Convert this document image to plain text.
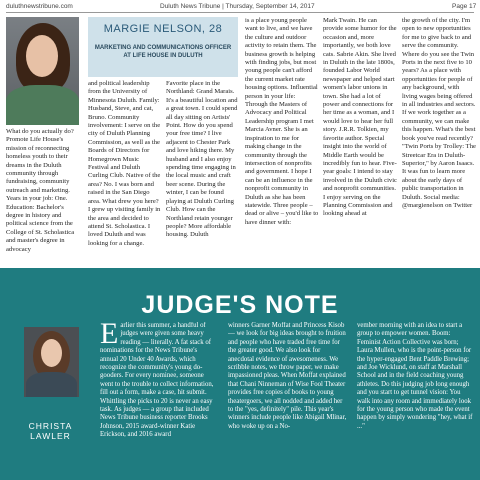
duluthnewstribune.com	Duluth News Tribune | Thursday, September 14, 2017	Page 17
MARGIE NELSON, 28
MARKETING AND COMMUNICATIONS OFFICER AT LIFE HOUSE IN DULUTH

What do you actually do? Promote Life House's mission of reconnecting homeless youth to their dreams in the Duluth community through fundraising, community outreach and marketing. Years in your job: One. Education: Bachelor's degree in history and political science from the College of St. Scholastica and master's degree in advocacy

and political leadership from the University of Minnesota Duluth. Family: Husband, Steve, and cat, Bruno. Community involvement: I serve on the city of Duluth Planning Commission, as well as the Boards of Directors for Homegrown Music Festival and Duluth Curling Club. Native of the area? No. I was born and raised in the San Diego area. What drew you here? I grew up visiting family in the area and decided to attend St. Scholastica. I loved Duluth and was looking for a change.

Favorite place in the Northland: Grand Marais. It's a beautiful location and a great town. I could spend all day sitting on Artists' Point. How do you spend your free time? I live adjacent to Chester Park and love hiking there. My husband and I also enjoy spending time engaging in the local music and craft beer scene. During the winter, I can be found playing at Duluth Curling Club. How can the Northland retain younger people? More affordable housing. Duluth

is a place young people want to live, and we have the culture and outdoor activity to retain them. The business growth is helping with finding jobs, but most young people can't afford the current market rate housing options. Influential person in your life: Through the Masters of Advocacy and Political Leadership program I met Marcia Avner. She is an inspiration to me for making change in the community through the intersection of nonprofits and government. I hope I can be an influence in the nonprofit community in Duluth as she has been statewide. Three people – dead or alive – you'd like to have dinner with:

Mark Twain. He can provide some humor for the occasion and, more importantly, we both love cats. Sabrie Akin. She lived in Duluth in the late 1800s, founded Labor World newspaper and helped start women's labor unions in town. She had a lot of power and connections for her time as a woman, and I would love to hear her full story. J.R.R. Tolkien, my favorite author. Special insight into the world of Middle Earth would be incredibly fun to hear. Five-year goals: I intend to stay involved in the Duluth civic and nonprofit communities. I enjoy serving on the Planning Commission and looking ahead at

the growth of the city. I'm open to new opportunities for me to give back to and serve the community. Where do you see the Twin Ports in the next five to 10 years? As a place with opportunities for people of any background, with living wages being offered in all industries and sectors. If we work together as a community, we can make this happen. What's the best book you've read recently? "Twin Ports by Trolley: The Streetcar Era in Duluth-Superior," by Aaron Isaacs. It was fun to learn more about the early days of public transportation in Duluth. Social media: @margienelson on Twitter

JUDGE'S NOTE
CHRISTA LAWLER
E arlier this summer, a handful of judges were given some heavy reading — literally. A fat stack of nominations for the News Tribune's annual 20 Under 40 Awards, which recognize the community's young do-gooders. For every nominee, someone went to the trouble to collect information, fill out a form, make a case, hit submit. Whittling the picks to 20 is never an easy task. As judges — a group that included News Tribune business reporter Brooks Johnson, 2015 award-winner Katie Erickson, and 2016 award
winners Garner Moffat and Princess Kisob — we look for big ideas brought to fruition and people who have traded free time for the greater good. We also look for anecdotal evidence of awesomeness. We scribble notes, we throw paper, we make impassioned pleas. When Moffat explained that Chani Ninneman of Wise Fool Theater provides free copies of books to young theatergoers, we all nodded and added her to the "yes, definitely" pile. This year's winners include people like Abigail Mlinar, who woke up on a No-
vember morning with an idea to start a group to empower women. Boom: Feminist Action Collective was born; Laura Mullen, who is the point-person for the hyper-engaged Bent Paddle Brewing; and Joe Wicklund, on staff at Marshall School and in the field coaching young athletes. Do this judging job long enough and you start to get tunnel vision: You walk into any room and immediately look for the young person who made the event happen by simply wondering "hey, what if ..."
